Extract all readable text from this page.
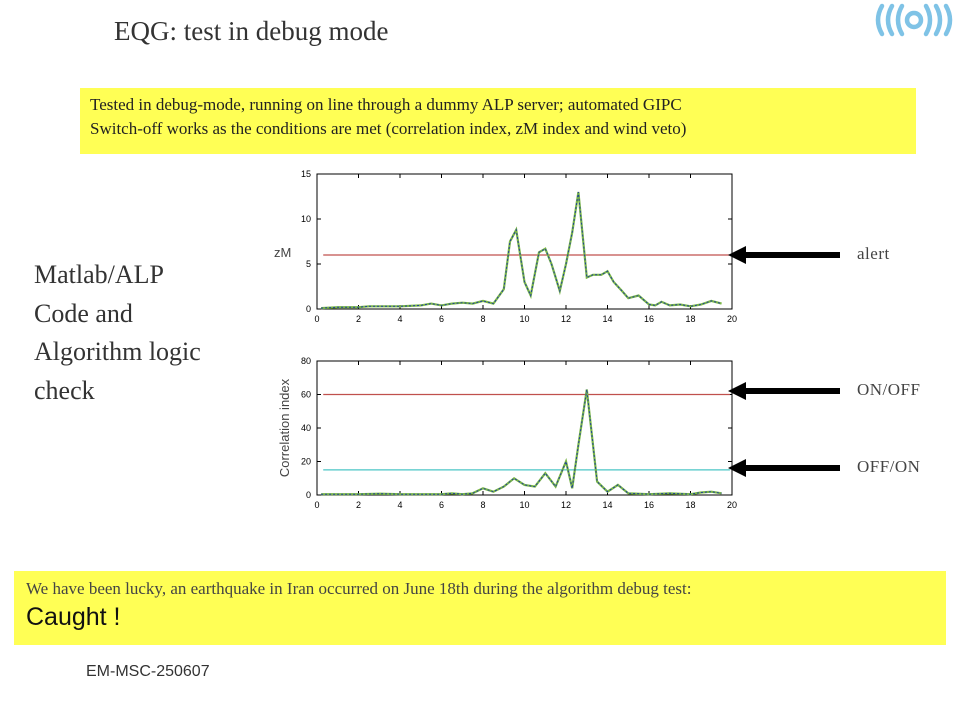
EQG: test in debug mode
Tested in debug-mode, running on line through a dummy ALP server; automated GIPC
Switch-off works as the conditions are met (correlation index, zM index and wind veto)
Matlab/ALP
Code and
Algorithm logic
check
0	2	4	6	8	10	12	14	16	18	20
0
5
10
15
zM
0	2	4	6	8	10	12	14	16	18	20
0
20
40
60
80
Correlation index
alert
ON/OFF
OFF/ON
We have been lucky, an earthquake in Iran occurred on June 18th during the algorithm debug test:
Caught !
EM-MSC-250607
